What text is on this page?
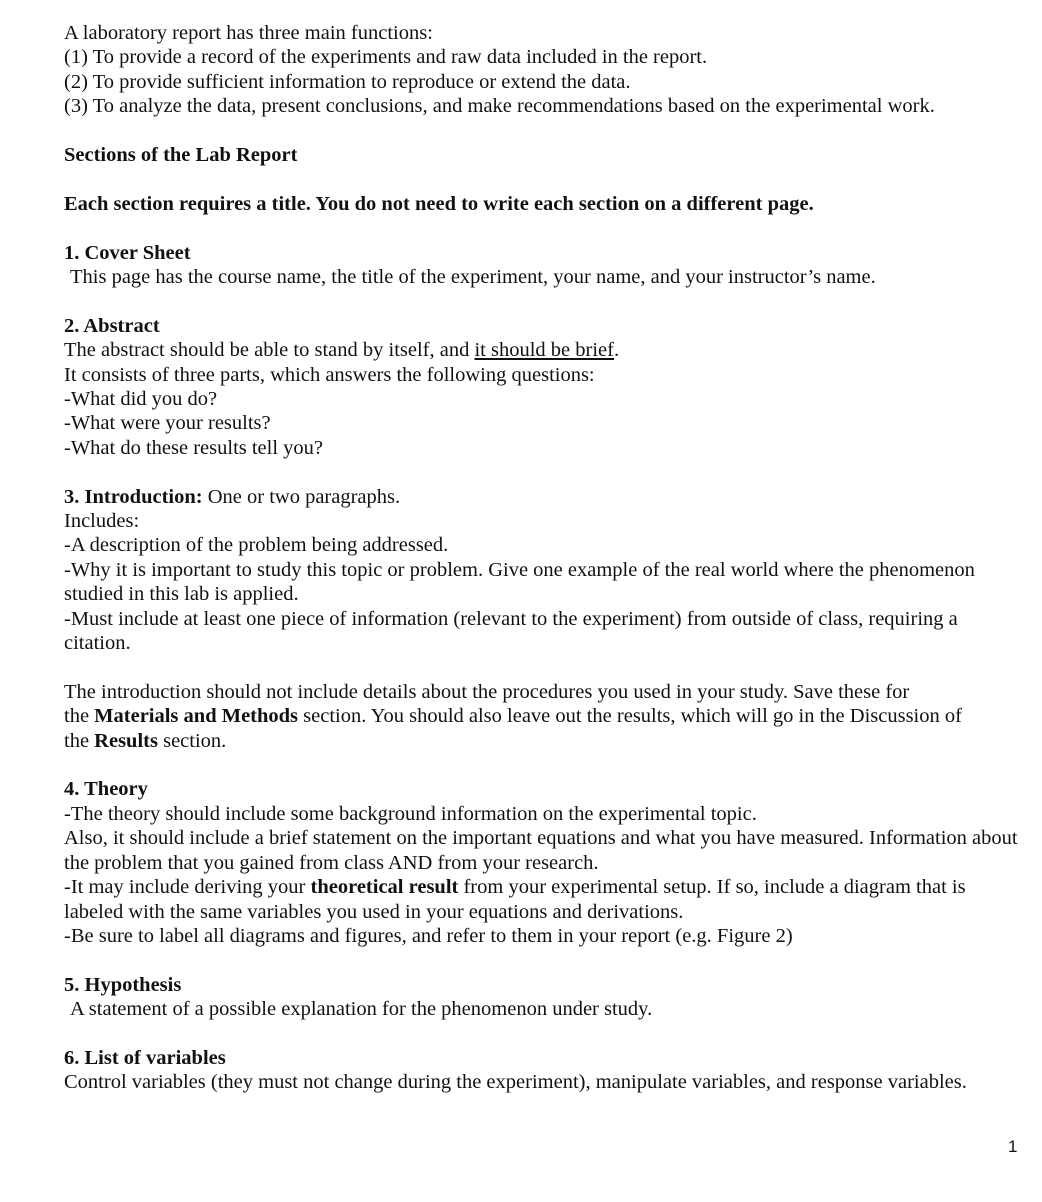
A laboratory report has three main functions:
(1) To provide a record of the experiments and raw data included in the report.
(2) To provide sufficient information to reproduce or extend the data.
(3) To analyze the data, present conclusions, and make recommendations based on the experimental work.
Sections of the Lab Report
Each section requires a title. You do not need to write each section on a different page.
1. Cover Sheet
This page has the course name, the title of the experiment, your name, and your instructor’s name.
2. Abstract
The abstract should be able to stand by itself, and it should be brief.
It consists of three parts, which answers the following questions:
-What did you do?
-What were your results?
-What do these results tell you?
3. Introduction: One or two paragraphs.
Includes:
-A description of the problem being addressed.
-Why it is important to study this topic or problem. Give one example of the real world where the phenomenon studied in this lab is applied.
-Must include at least one piece of information (relevant to the experiment) from outside of class, requiring a citation.
The introduction should not include details about the procedures you used in your study. Save these for
the Materials and Methods section. You should also leave out the results, which will go in the Discussion of
the Results section.
4. Theory
-The theory should include some background information on the experimental topic.
Also, it should include a brief statement on the important equations and what you have measured. Information about the problem that you gained from class AND from your research.
-It may include deriving your theoretical result from your experimental setup. If so, include a diagram that is labeled with the same variables you used in your equations and derivations.
-Be sure to label all diagrams and figures, and refer to them in your report (e.g. Figure 2)
5. Hypothesis
A statement of a possible explanation for the phenomenon under study.
6. List of variables
Control variables (they must not change during the experiment), manipulate variables, and response variables.
1
